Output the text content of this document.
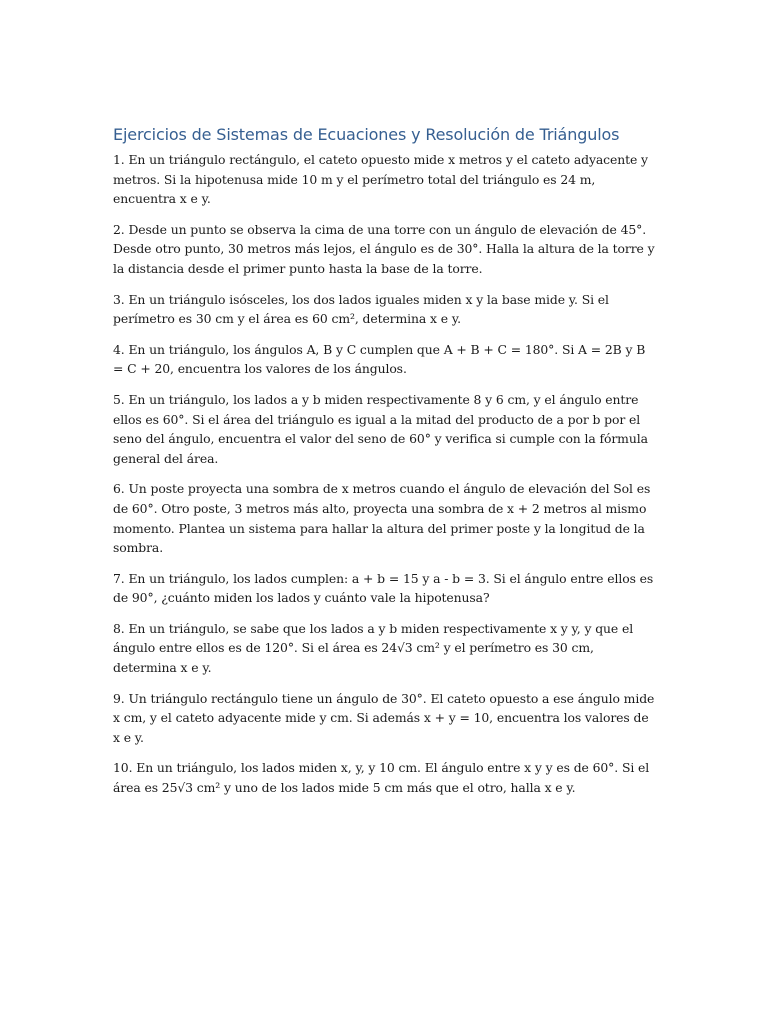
Ejercicios de Sistemas de Ecuaciones y Resolución de Triángulos

1. En un triángulo rectángulo, el cateto opuesto mide x metros y el cateto adyacente y metros. Si la hipotenusa mide 10 m y el perímetro total del triángulo es 24 m, encuentra x e y.

2. Desde un punto se observa la cima de una torre con un ángulo de elevación de 45°. Desde otro punto, 30 metros más lejos, el ángulo es de 30°. Halla la altura de la torre y la distancia desde el primer punto hasta la base de la torre.

3. En un triángulo isósceles, los dos lados iguales miden x y la base mide y. Si el perímetro es 30 cm y el área es 60 cm², determina x e y.

4. En un triángulo, los ángulos A, B y C cumplen que A + B + C = 180°. Si A = 2B y B = C + 20, encuentra los valores de los ángulos.

5. En un triángulo, los lados a y b miden respectivamente 8 y 6 cm, y el ángulo entre ellos es 60°. Si el área del triángulo es igual a la mitad del producto de a por b por el seno del ángulo, encuentra el valor del seno de 60° y verifica si cumple con la fórmula general del área.

6. Un poste proyecta una sombra de x metros cuando el ángulo de elevación del Sol es de 60°. Otro poste, 3 metros más alto, proyecta una sombra de x + 2 metros al mismo momento. Plantea un sistema para hallar la altura del primer poste y la longitud de la sombra.

7. En un triángulo, los lados cumplen: a + b = 15 y a - b = 3. Si el ángulo entre ellos es de 90°, ¿cuánto miden los lados y cuánto vale la hipotenusa?

8. En un triángulo, se sabe que los lados a y b miden respectivamente x y y, y que el ángulo entre ellos es de 120°. Si el área es 24√3 cm² y el perímetro es 30 cm, determina x e y.

9. Un triángulo rectángulo tiene un ángulo de 30°. El cateto opuesto a ese ángulo mide x cm, y el cateto adyacente mide y cm. Si además x + y = 10, encuentra los valores de x e y.

10. En un triángulo, los lados miden x, y, y 10 cm. El ángulo entre x y y es de 60°. Si el área es 25√3 cm² y uno de los lados mide 5 cm más que el otro, halla x e y.
